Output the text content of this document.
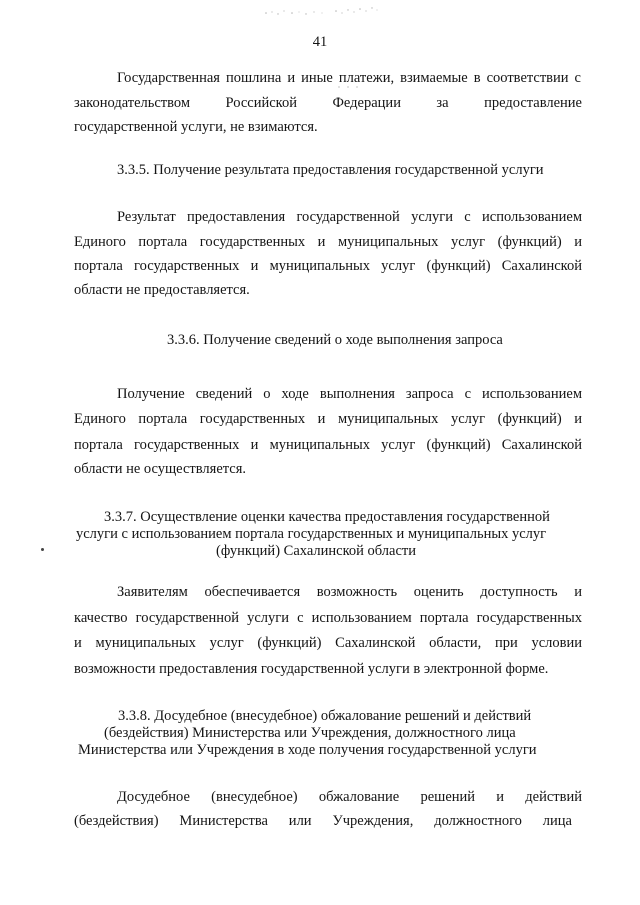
41

Государственная пошлина и иные платежи, взимаемые в соответствии с

законодательством Российской Федерации за предоставление

государственной услуги, не взимаются.

3.3.5. Получение результата предоставления государственной услуги

Результат предоставления государственной услуги с использованием

Единого портала государственных и муниципальных услуг (функций) и

портала государственных и муниципальных услуг (функций) Сахалинской

области не предоставляется.

3.3.6. Получение сведений о ходе выполнения запроса

Получение сведений о ходе выполнения запроса с использованием

Единого портала государственных и муниципальных услуг (функций) и

портала государственных и муниципальных услуг (функций) Сахалинской

области не осуществляется.

3.3.7. Осуществление оценки качества предоставления государственной

услуги с использованием портала государственных и муниципальных услуг

(функций) Сахалинской области

Заявителям обеспечивается возможность оценить доступность и

качество государственной услуги с использованием портала государственных

и муниципальных услуг (функций) Сахалинской области, при условии

возможности предоставления государственной услуги в электронной форме.

3.3.8. Досудебное (внесудебное) обжалование решений и действий

(бездействия) Министерства или Учреждения, должностного лица

Министерства или Учреждения в ходе получения государственной услуги

Досудебное (внесудебное) обжалование решений и действий

(бездействия) Министерства или Учреждения, должностного лица
